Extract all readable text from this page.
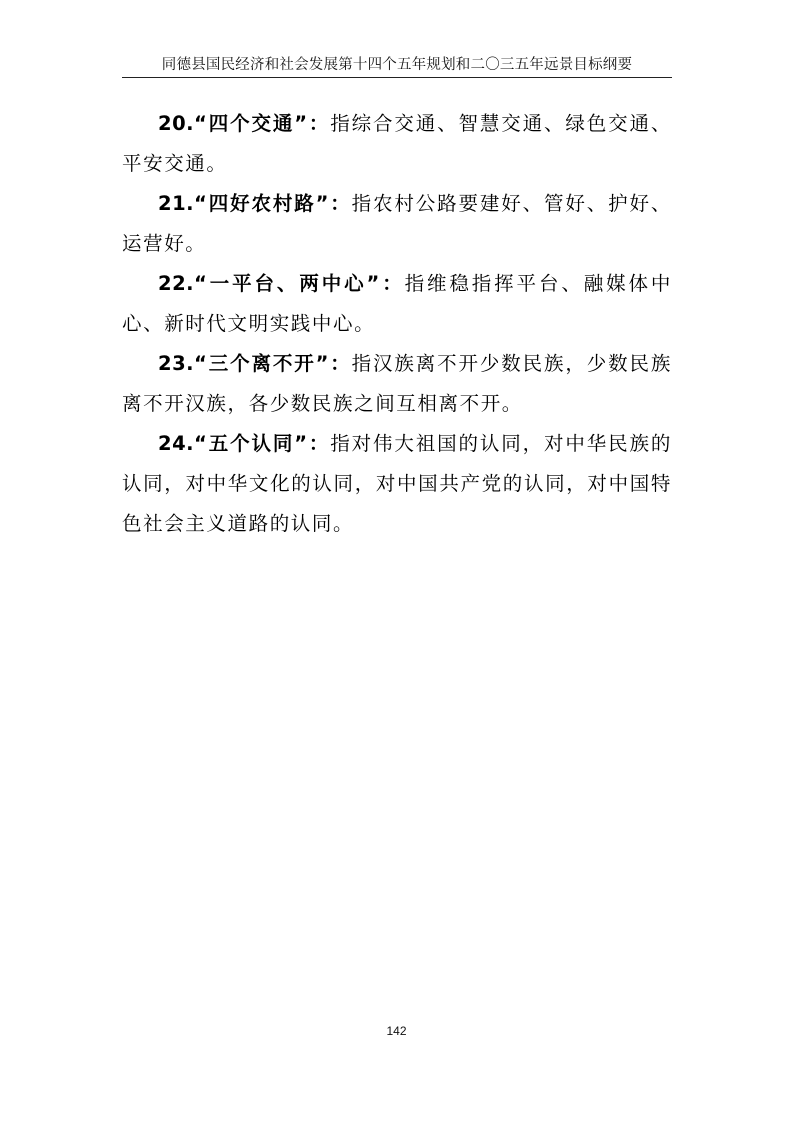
同德县国民经济和社会发展第十四个五年规划和二〇三五年远景目标纲要

20.“四个交通”：指综合交通、智慧交通、绿色交通、平安交通。

21.“四好农村路”：指农村公路要建好、管好、护好、运营好。

22.“一平台、两中心”：指维稳指挥平台、融媒体中心、新时代文明实践中心。

23.“三个离不开”：指汉族离不开少数民族，少数民族离不开汉族，各少数民族之间互相离不开。

24.“五个认同”：指对伟大祖国的认同，对中华民族的认同，对中华文化的认同，对中国共产党的认同，对中国特色社会主义道路的认同。

142
